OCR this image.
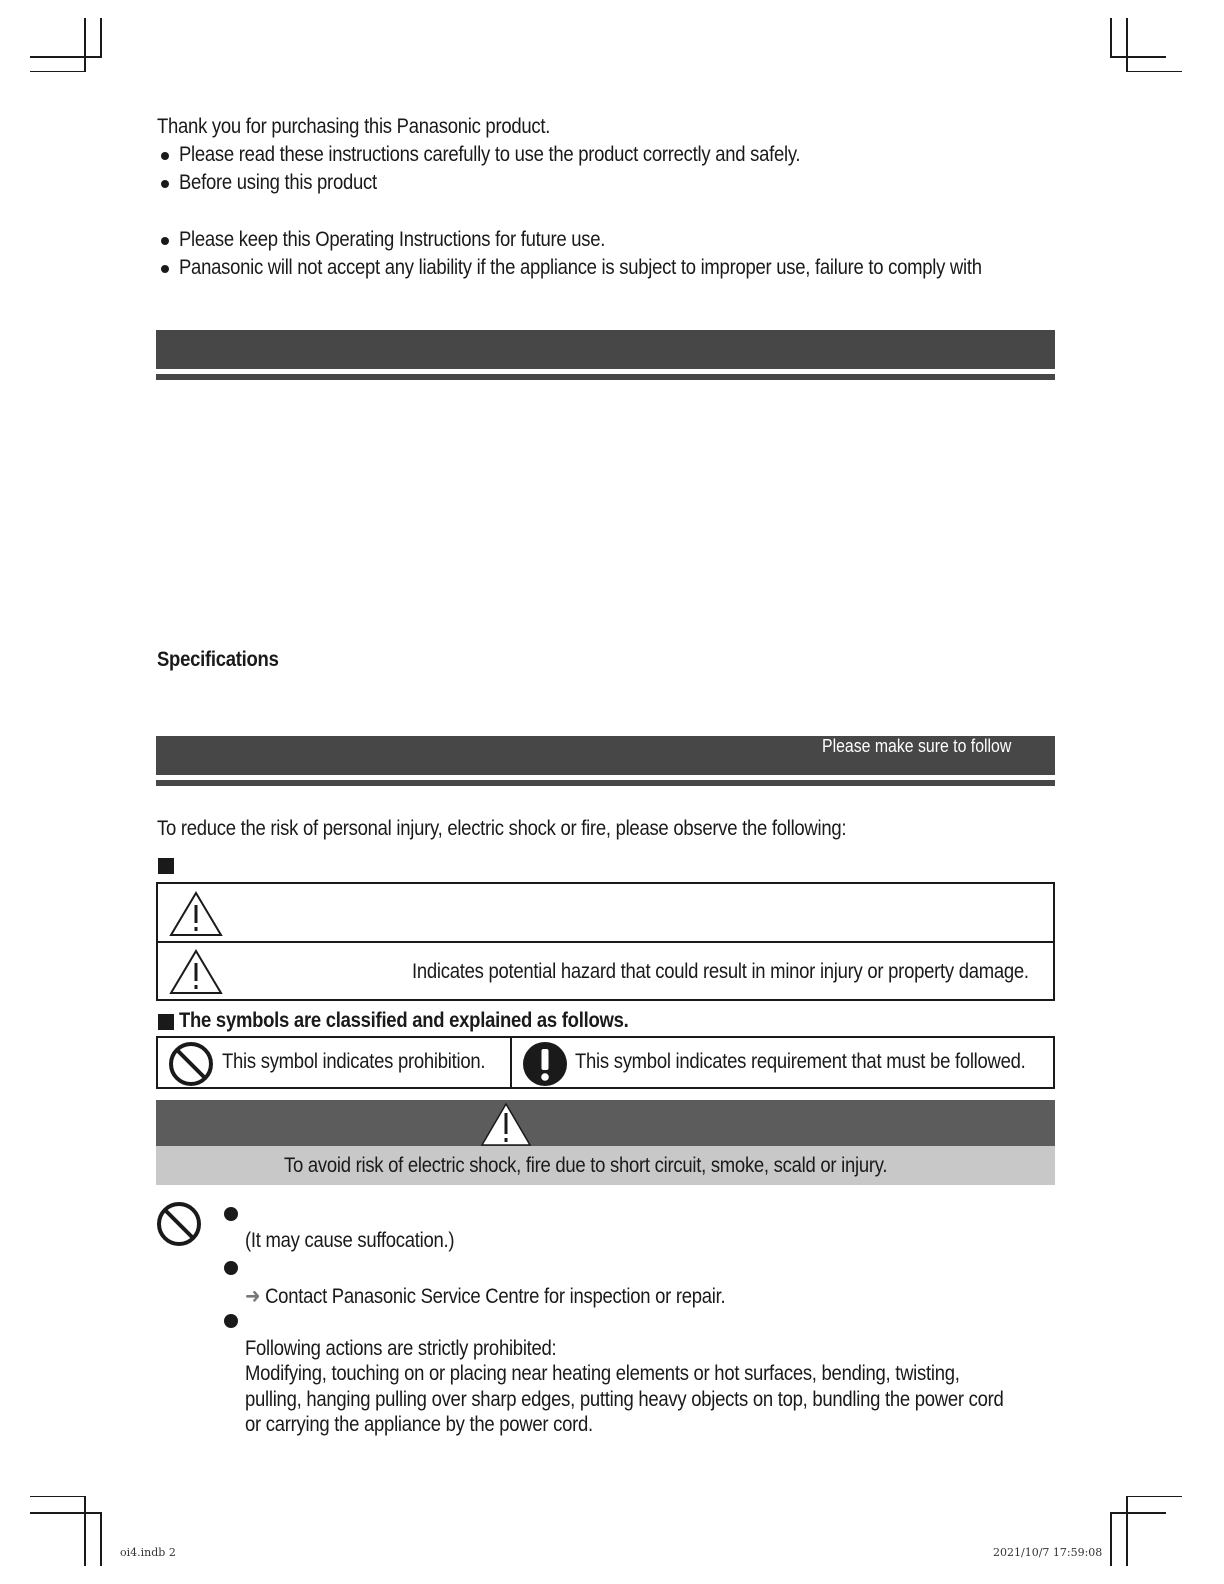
Thank you for purchasing this Panasonic product.
Please read these instructions carefully to use the product correctly and safely.
Before using this product
Please keep this Operating Instructions for future use.
Panasonic will not accept any liability if the appliance is subject to improper use, failure to comply with
Specifications
Please make sure to follow
To reduce the risk of personal injury, electric shock or fire, please observe the following:
Indicates potential hazard that could result in minor injury or property damage.
The symbols are classified and explained as follows.
This symbol indicates prohibition.	This symbol indicates requirement that must be followed.
To avoid risk of electric shock, fire due to short circuit, smoke, scald or injury.
(It may cause suffocation.)
➜ Contact Panasonic Service Centre for inspection or repair.
Following actions are strictly prohibited:
Modifying, touching on or placing near heating elements or hot surfaces, bending, twisting,
pulling, hanging pulling over sharp edges, putting heavy objects on top, bundling the power cord
or carrying the appliance by the power cord.
oi4.indb 2	2021/10/7 17:59:08
